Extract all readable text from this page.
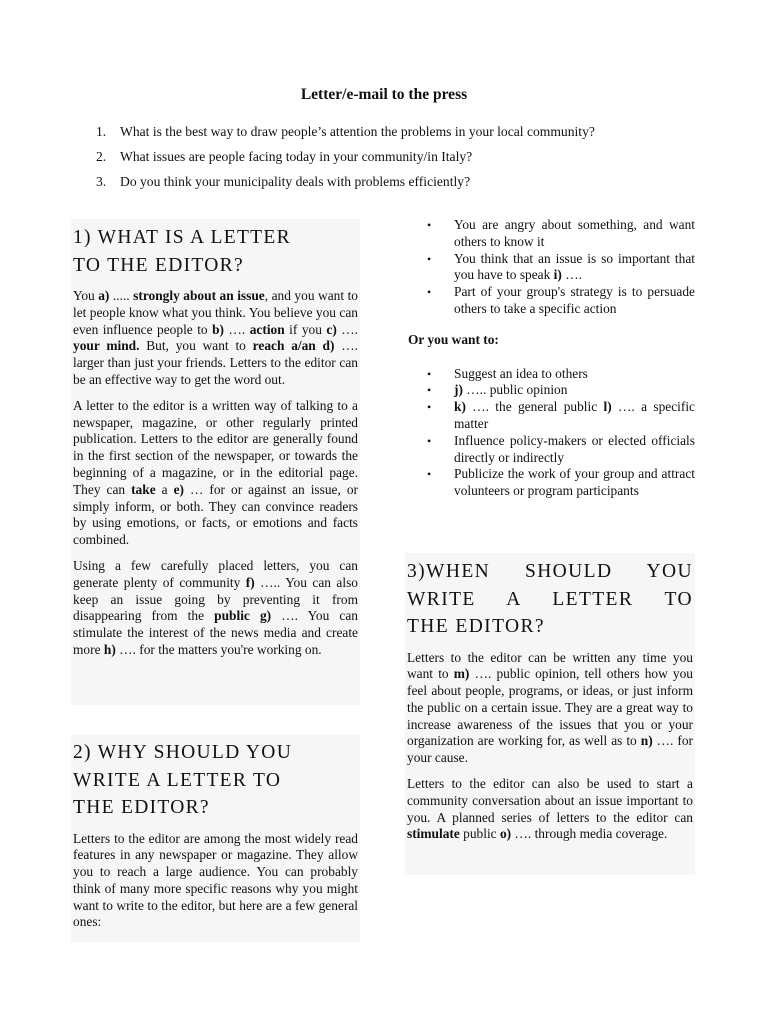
Letter/e-mail to the press
1.	What is the best way to draw people’s attention the problems in your local community?
2.	What issues are people facing today in your community/in Italy?
3.	Do you think your municipality deals with problems efficiently?
1) WHAT IS A LETTER
TO THE EDITOR?

You a) ..... strongly about an issue, and you want to let people know what you think. You believe you can even influence people to b) …. action if you c) …. your mind. But, you want to reach a/an d) …. larger than just your friends. Letters to the editor can be an effective way to get the word out.

A letter to the editor is a written way of talking to a newspaper, magazine, or other regularly printed publication. Letters to the editor are generally found in the first section of the newspaper, or towards the beginning of a magazine, or in the editorial page. They can take a e) … for or against an issue, or simply inform, or both. They can convince readers by using emotions, or facts, or emotions and facts combined.

Using a few carefully placed letters, you can generate plenty of community f) ….. You can also keep an issue going by preventing it from disappearing from the public g) …. You can stimulate the interest of the news media and create more h) …. for the matters you're working on.

2) WHY SHOULD YOU
WRITE A LETTER TO
THE EDITOR?

Letters to the editor are among the most widely read features in any newspaper or magazine. They allow you to reach a large audience. You can probably think of many more specific reasons why you might want to write to the editor, but here are a few general ones:

• You are angry about something, and want others to know it
• You think that an issue is so important that you have to speak i) ….
• Part of your group's strategy is to persuade others to take a specific action
Or you want to:
• Suggest an idea to others
• j) ….. public opinion
• k) …. the general public l) …. a specific matter
• Influence policy-makers or elected officials directly or indirectly
• Publicize the work of your group and attract volunteers or program participants
3)WHEN SHOULD YOU
WRITE A LETTER TO
THE EDITOR?

Letters to the editor can be written any time you want to m) …. public opinion, tell others how you feel about people, programs, or ideas, or just inform the public on a certain issue. They are a great way to increase awareness of the issues that you or your organization are working for, as well as to n) …. for your cause.

Letters to the editor can also be used to start a community conversation about an issue important to you. A planned series of letters to the editor can stimulate public o) …. through media coverage.
